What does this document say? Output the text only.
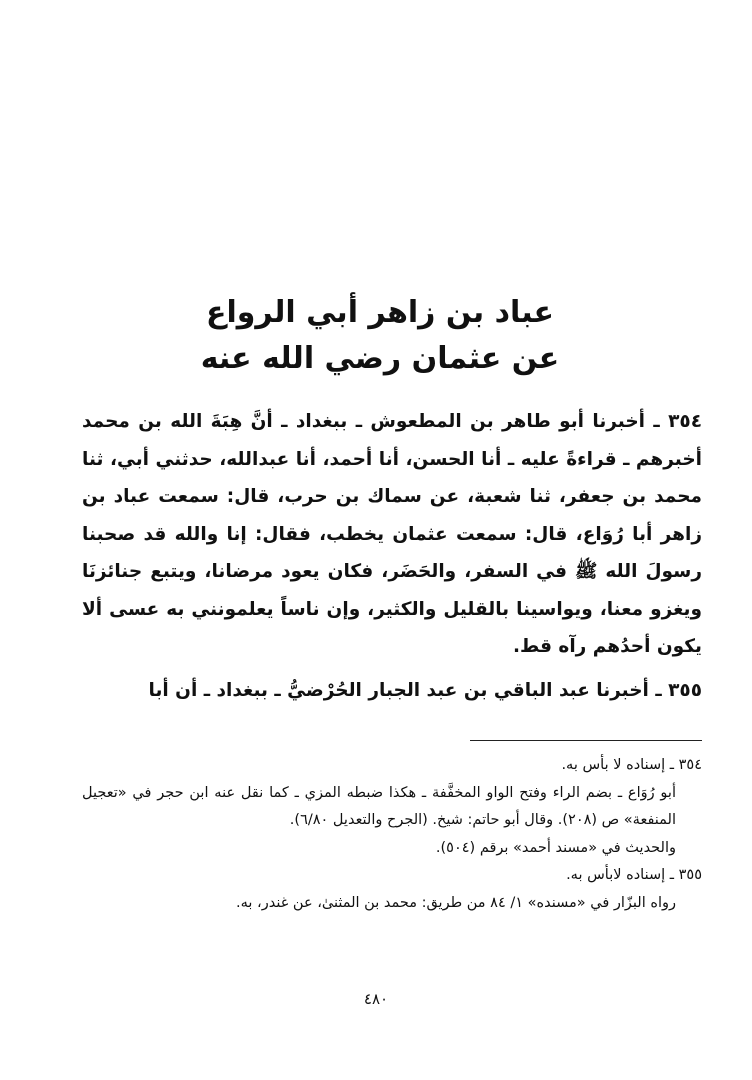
عباد بن زاهر أبي الرواع
عن عثمان رضي الله عنه

٣٥٤ ـ أخبرنا أبو طاهر بن المطعوش ـ ببغداد ـ أنَّ هِبَةَ الله بن محمد أخبرهم ـ قراءةً عليه ـ أنا الحسن، أنا أحمد، أنا عبدالله، حدثني أبي، ثنا محمد بن جعفر، ثنا شعبة، عن سماك بن حرب، قال: سمعت عباد بن زاهر أبا رُوَاع، قال: سمعت عثمان يخطب، فقال: إنا والله قد صحبنا رسولَ الله ﷺ في السفر، والحَضَر، فكان يعود مرضانا، ويتبع جنائزنَا ويغزو معنا، ويواسينا بالقليل والكثير، وإن ناساً يعلمونني به عسى ألا يكون أحدُهم رآه قط.

٣٥٥ ـ أخبرنا عبد الباقي بن عبد الجبار الحُرْضيُّ ـ ببغداد ـ أن أبا

٣٥٤ ـ إسناده لا بأس به.

أبو رُوَاع ـ بضم الراء وفتح الواو المخفَّفة ـ هكذا ضبطه المزي ـ كما نقل عنه ابن حجر في «تعجيل المنفعة» ص (٢٠٨). وقال أبو حاتم: شيخ. (الجرح والتعديل ٦/٨٠).

والحديث في «مسند أحمد» برقم (٥٠٤).

٣٥٥ ـ إسناده لابأس به.

رواه البزّار في «مسنده» ١/ ٨٤ من طريق: محمد بن المثنىٰ، عن غندر، به.

٤٨٠
